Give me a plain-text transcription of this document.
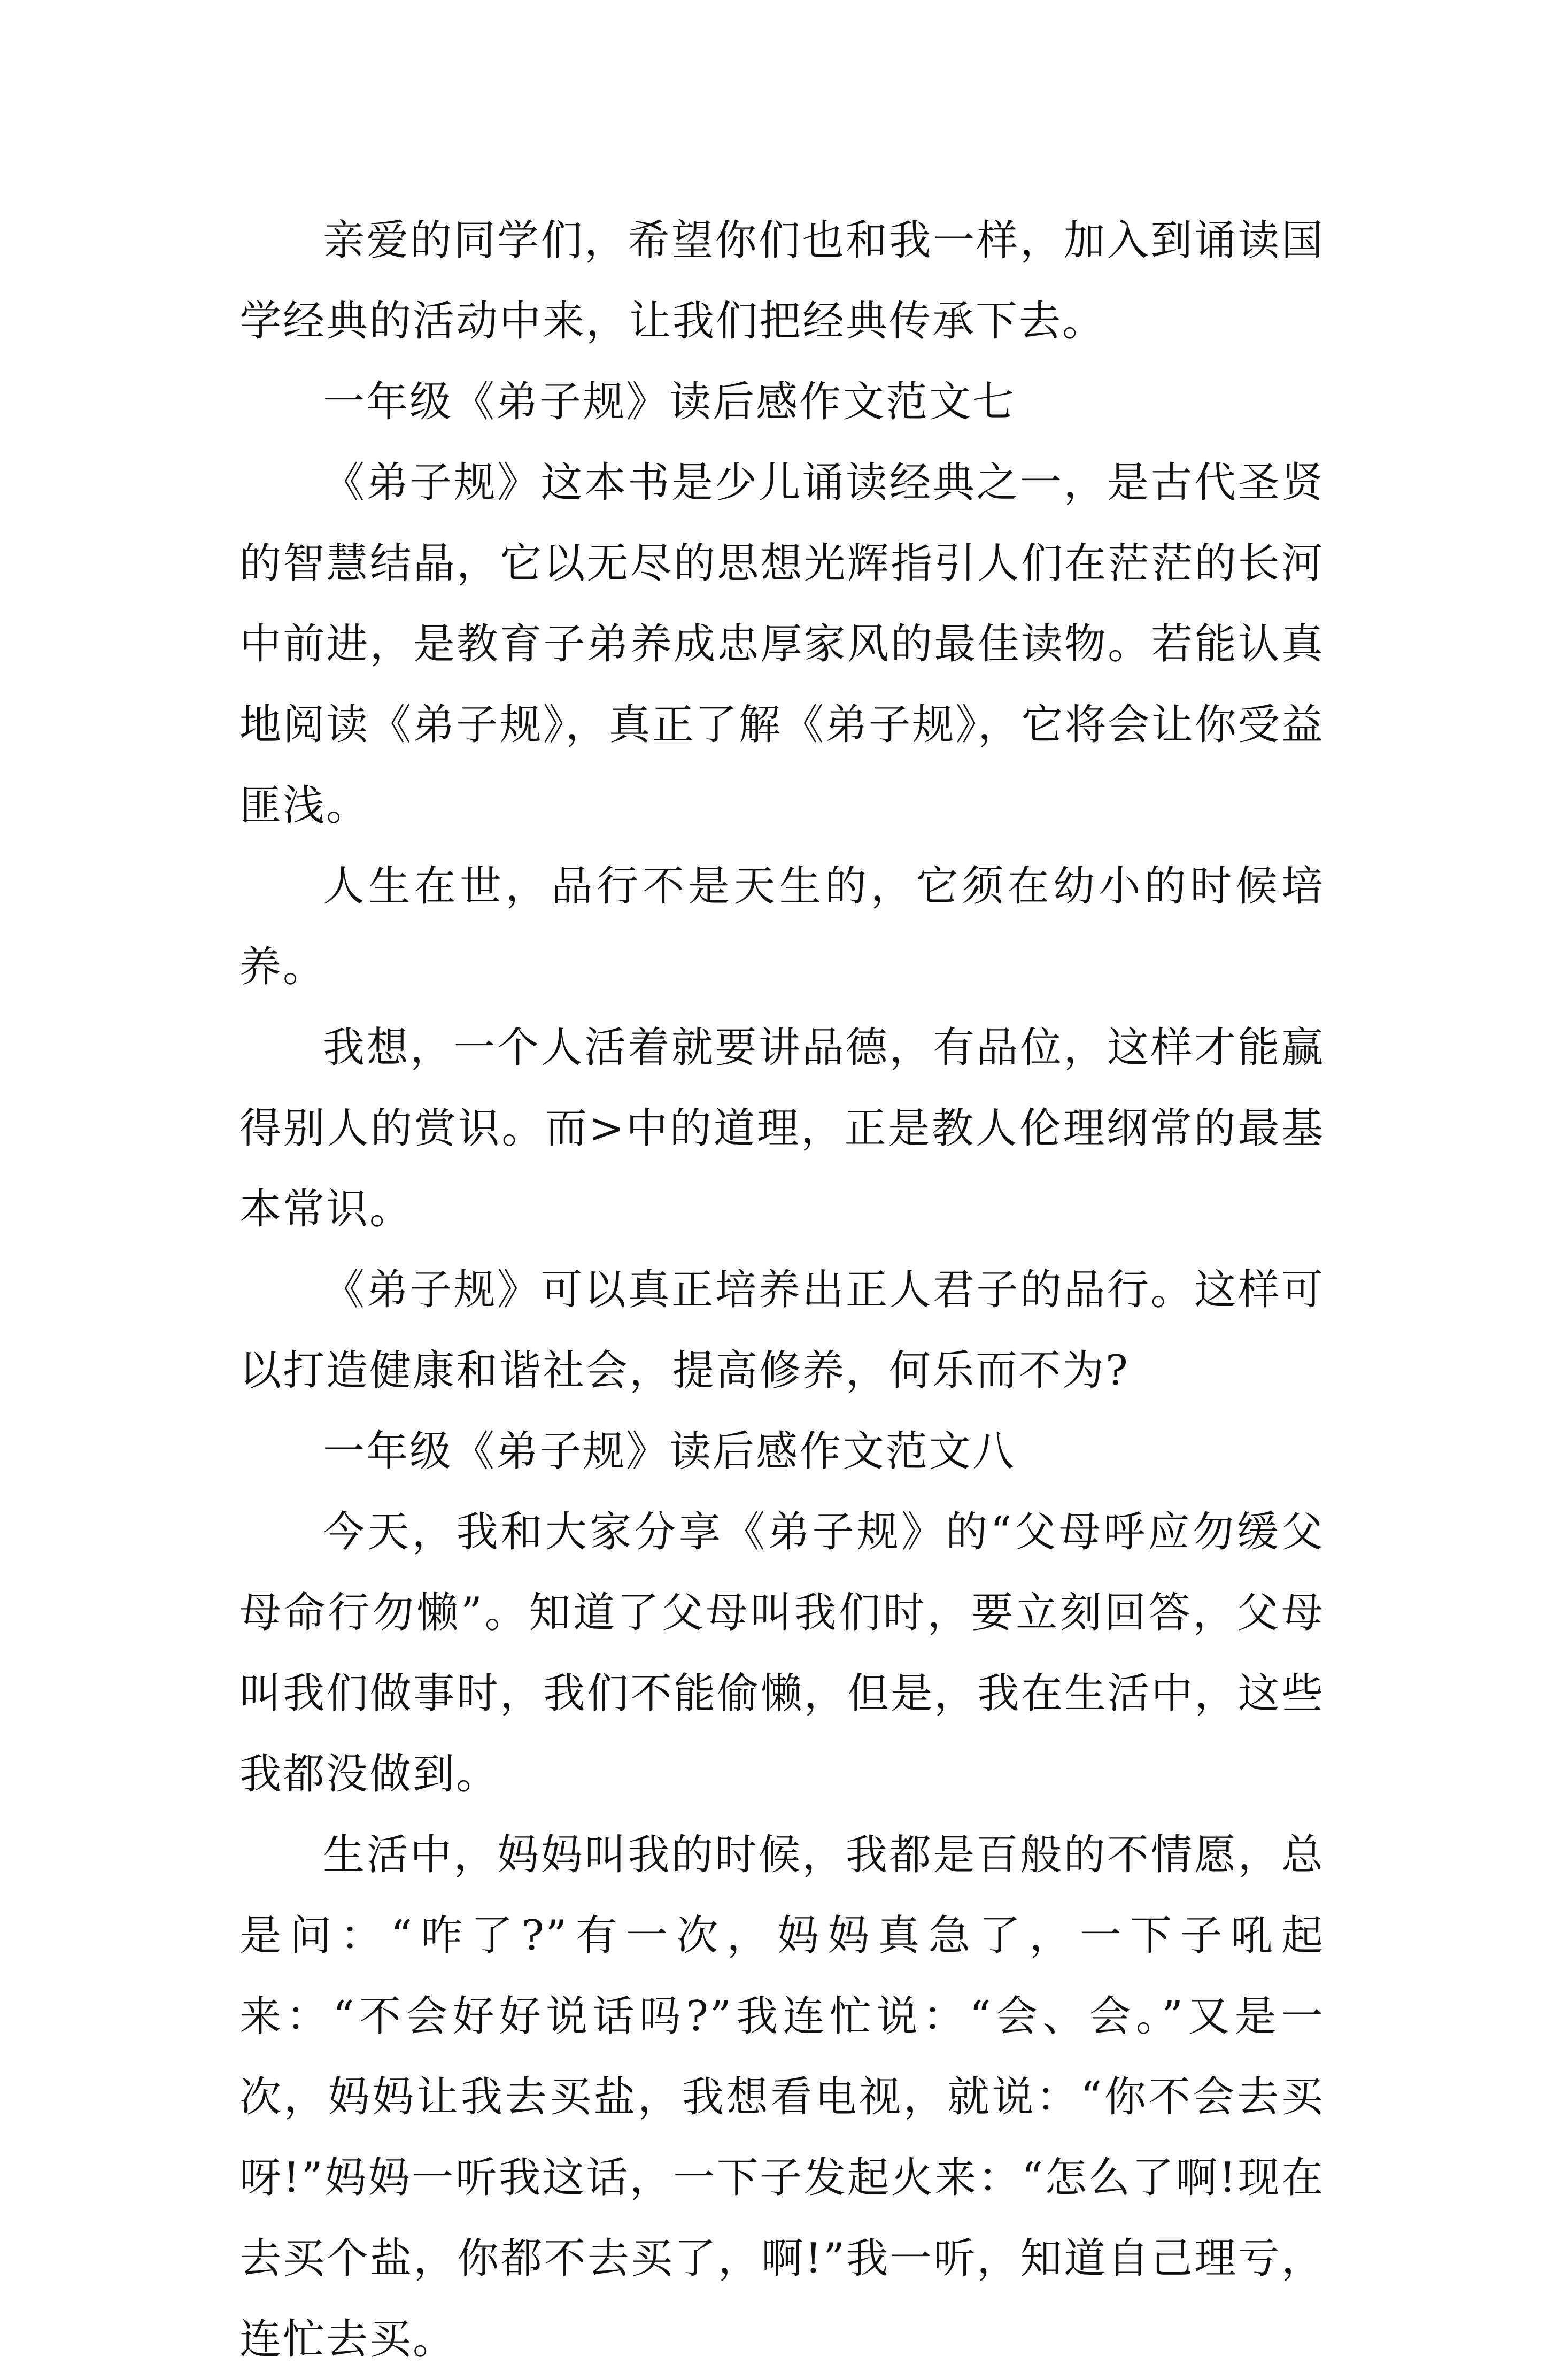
亲爱的同学们，希望你们也和我一样，加入到诵读国学经典的活动中来，让我们把经典传承下去。

一年级《弟子规》读后感作文范文七

《弟子规》这本书是少儿诵读经典之一，是古代圣贤的智慧结晶，它以无尽的思想光辉指引人们在茫茫的长河中前进，是教育子弟养成忠厚家风的最佳读物。若能认真地阅读《弟子规》，真正了解《弟子规》，它将会让你受益匪浅。

人生在世，品行不是天生的，它须在幼小的时候培养。

我想，一个人活着就要讲品德，有品位，这样才能赢得别人的赏识。而>中的道理，正是教人伦理纲常的最基本常识。

《弟子规》可以真正培养出正人君子的品行。这样可以打造健康和谐社会，提高修养，何乐而不为?

一年级《弟子规》读后感作文范文八

今天，我和大家分享《弟子规》的“父母呼应勿缓父母命行勿懒”。知道了父母叫我们时，要立刻回答，父母叫我们做事时，我们不能偷懒，但是，我在生活中，这些我都没做到。

生活中，妈妈叫我的时候，我都是百般的不情愿，总是问：“咋了?”有一次，妈妈真急了，一下子吼起来：“不会好好说话吗?”我连忙说：“会、会。”又是一次，妈妈让我去买盐，我想看电视，就说：“你不会去买呀!”妈妈一听我这话，一下子发起火来：“怎么了啊!现在去买个盐，你都不去买了，啊!”我一听，知道自己理亏，连忙去买。
